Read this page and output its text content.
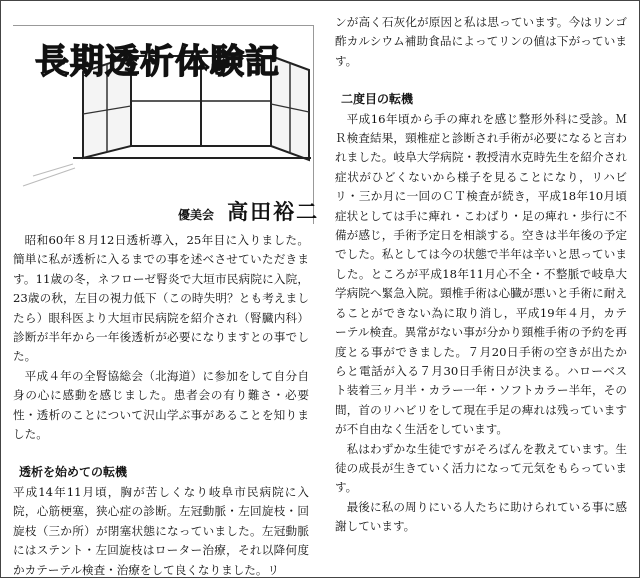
長期透析体験記
優美会 高田裕二

昭和60年８月12日透析導入，25年目に入りました。簡単に私が透析に入るまでの事を述べさせていただきます。11歳の冬，ネフローゼ腎炎で大垣市民病院に入院，23歳の秋，左目の視力低下（この時失明？とも考えましたら）眼科医より大垣市民病院を紹介され（腎臓内科）診断が半年から一年後透析が必要になりますとの事でした。

平成４年の全腎協総会（北海道）に参加をして自分自身の心に感動を感じました。患者会の有り難さ・必要性・透析のことについて沢山学ぶ事があることを知りました。

透析を始めての転機

平成14年11月頃，胸が苦しくなり岐阜市民病院に入院，心筋梗塞，狭心症の診断。左冠動脈・左回旋枝・回旋枝（三か所）が閉塞状態になっていました。左冠動脈にはステント・左回旋枝はローター治療，それ以降何度かカテーテル検査・治療をして良くなりました。リ

ンが高く石灰化が原因と私は思っています。今はリンゴ酢カルシウム補助食品によってリンの値は下がっています。

二度目の転機

平成16年頃から手の痺れを感じ整形外科に受診。ＭＲ検査結果，頸椎症と診断され手術が必要になると言われました。岐阜大学病院・教授清水克時先生を紹介され症状がひどくないから様子を見ることになり，リハビリ・三か月に一回のＣＴ検査が続き，平成18年10月頃症状としては手に痺れ・こわばり・足の痺れ・歩行に不備が感じ，手術予定日を相談する。空きは半年後の予定でした。私としては今の状態で半年は辛いと思っていました。ところが平成18年11月心不全・不整脈で岐阜大学病院へ緊急入院。頸椎手術は心臓が悪いと手術に耐えることができない為に取り消し，平成19年４月，カテーテル検査。異常がない事が分かり頸椎手術の予約を再度とる事ができました。７月20日手術の空きが出たからと電話が入る７月30日手術日が決まる。ハローベスト装着三ヶ月半・カラー一年・ソフトカラー半年，その間，首のリハビリをして現在手足の痺れは残っていますが不自由なく生活をしています。

私はわずかな生徒ですがそろばんを教えています。生徒の成長が生きていく活力になって元気をもらっています。

最後に私の周りにいる人たちに助けられている事に感謝しています。
